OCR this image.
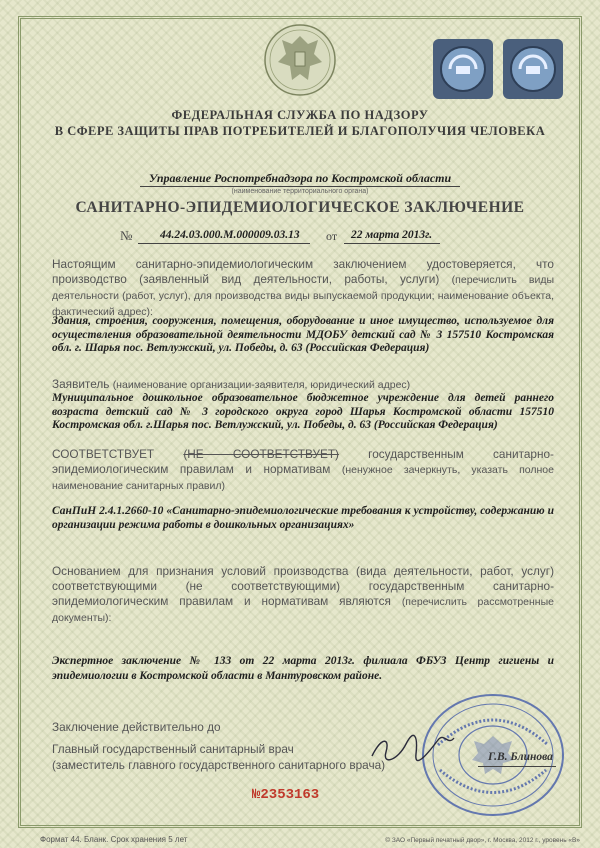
ФЕДЕРАЛЬНАЯ СЛУЖБА ПО НАДЗОРУ
В СФЕРЕ ЗАЩИТЫ ПРАВ ПОТРЕБИТЕЛЕЙ И БЛАГОПОЛУЧИЯ ЧЕЛОВЕКА
Управление Роспотребнадзора по Костромской области
(наименование территориального органа)
САНИТАРНО-ЭПИДЕМИОЛОГИЧЕСКОЕ ЗАКЛЮЧЕНИЕ
№ 44.24.03.000.М.000009.03.13 от 22 марта 2013г.
Настоящим санитарно-эпидемиологическим заключением удостоверяется, что производство (заявленный вид деятельности, работы, услуги) (перечислить виды деятельности (работ, услуг), для производства виды выпускаемой продукции; наименование объекта, фактический адрес):
Здания, строения, сооружения, помещения, оборудование и иное имущество, используемое для осуществления образовательной деятельности МДОБУ детский сад № 3 157510 Костромская обл. г. Шарья пос. Ветлужский, ул. Победы, д. 63 (Российская Федерация)
Заявитель (наименование организации-заявителя, юридический адрес)
Муниципальное дошкольное образовательное бюджетное учреждение для детей раннего возраста детский сад № 3 городского округа город Шарья Костромской области 157510 Костромская обл. г.Шарья пос. Ветлужский, ул. Победы, д. 63 (Российская Федерация)
СООТВЕТСТВУЕТ (НЕ СООТВЕТСТВУЕТ) государственным санитарно-эпидемиологическим правилам и нормативам (ненужное зачеркнуть, указать полное наименование санитарных правил)
СанПиН 2.4.1.2660-10 «Санитарно-эпидемиологические требования к устройству, содержанию и организации режима работы в дошкольных организациях»
Основанием для признания условий производства (вида деятельности, работ, услуг) соответствующими (не соответствующими) государственным санитарно-эпидемиологическим правилам и нормативам являются (перечислить рассмотренные документы):
Экспертное заключение № 133 от 22 марта 2013г. филиала ФБУЗ Центр гигиены и эпидемиологии в Костромской области в Мантуровском районе.
Заключение действительно до
Главный государственный санитарный врач
(заместитель главного государственного санитарного врача)
Г.В. Блинова
№2353163
Формат 44. Бланк. Срок хранения 5 лет	© ЗАО «Первый печатный двор», г. Москва, 2012 г., уровень «В»
